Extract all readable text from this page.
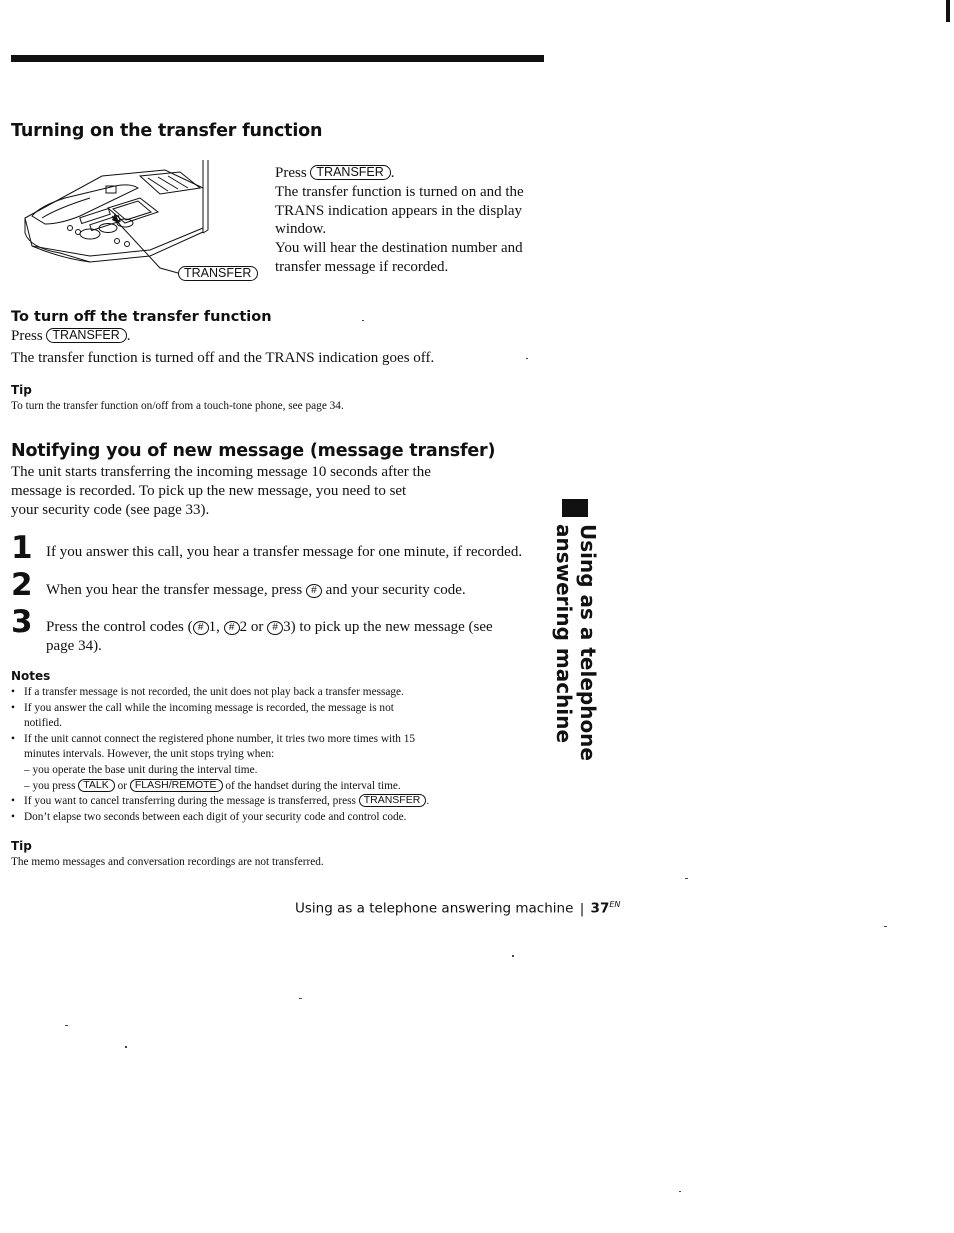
Turning on the transfer function
TRANSFER
Press TRANSFER .
The transfer function is turned on and the
TRANS indication appears in the display
window.
You will hear the destination number and
transfer message if recorded.
To turn off the transfer function
Press TRANSFER .
The transfer function is turned off and the TRANS indication goes off.
Tip
To turn the transfer function on/off from a touch-tone phone, see page 34.
Notifying you of new message (message transfer)
The unit starts transferring the incoming message 10 seconds after the
message is recorded. To pick up the new message, you need to set
your security code (see page 33).
1 If you answer this call, you hear a transfer message for one minute, if recorded.
2 When you hear the transfer message, press # and your security code.
3 Press the control codes ( # 1, # 2 or # 3) to pick up the new message (see
page 34).
Notes
• If a transfer message is not recorded, the unit does not play back a transfer message.
• If you answer the call while the incoming message is recorded, the message is not
notified.
• If the unit cannot connect the registered phone number, it tries two more times with 15
minutes intervals. However, the unit stops trying when:
– you operate the base unit during the interval time.
– you press TALK or FLASH/REMOTE of the handset during the interval time.
• If you want to cancel transferring during the message is transferred, press TRANSFER .
• Don’t elapse two seconds between each digit of your security code and control code.
Tip
The memo messages and conversation recordings are not transferred.
Using as a telephone
answering machine
Using as a telephone answering machine | $37^{EN}$
